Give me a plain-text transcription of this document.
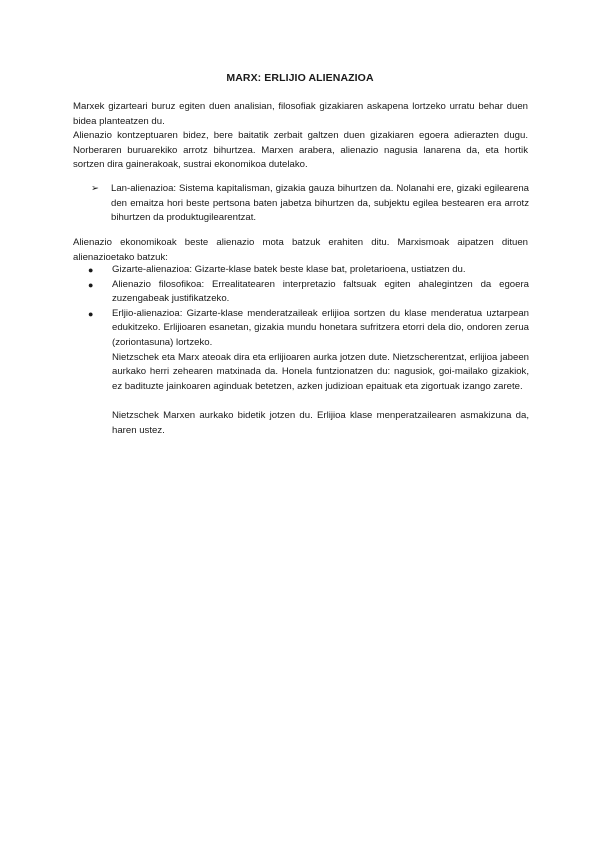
MARX: ERLIJIO ALIENAZIOA

Marxek gizarteari buruz egiten duen analisian, filosofiak gizakiaren askapena lortzeko urratu behar duen bidea planteatzen du.

Alienazio kontzeptuaren bidez, bere baitatik zerbait galtzen duen gizakiaren egoera adierazten dugu. Norberaren buruarekiko arrotz bihurtzea. Marxen arabera, alienazio nagusia lanarena da, eta hortik sortzen dira gainerakoak, sustrai ekonomikoa dutelako.

➢	Lan-alienazioa: Sistema kapitalisman, gizakia gauza bihurtzen da. Nolanahi ere, gizaki egilearena den emaitza hori beste pertsona baten jabetza bihurtzen da, subjektu egilea bestearen era arrotz bihurtzen da produktugilearentzat.
Alienazio ekonomikoak beste alienazio mota batzuk erahiten ditu. Marxismoak aipatzen dituen alienazioetako batzuk:
● Gizarte-alienazioa: Gizarte-klase batek beste klase bat, proletarioena, ustiatzen du.
● Alienazio filosofikoa: Errealitatearen interpretazio faltsuak egiten ahalegintzen da egoera zuzengabeak justifikatzeko.
● Erljio-alienazioa: Gizarte-klase menderatzaileak erlijioa sortzen du klase menderatua uztarpean edukitzeko. Erlijioaren esanetan, gizakia mundu honetara sufritzera etorri dela dio, ondoren zerua (zoriontasuna) lortzeko.
Nietzschek eta Marx ateoak dira eta erlijioaren aurka jotzen dute. Nietzscherentzat, erlijioa jabeen aurkako herri zehearen matxinada da. Honela funtzionatzen du: nagusiok, goi-mailako gizakiok, ez badituzte jainkoaren aginduak betetzen, azken judizioan epaituak eta zigortuak izango zarete.
Nietzschek Marxen aurkako bidetik jotzen du. Erlijioa klase menperatzailearen asmakizuna da, haren ustez.
